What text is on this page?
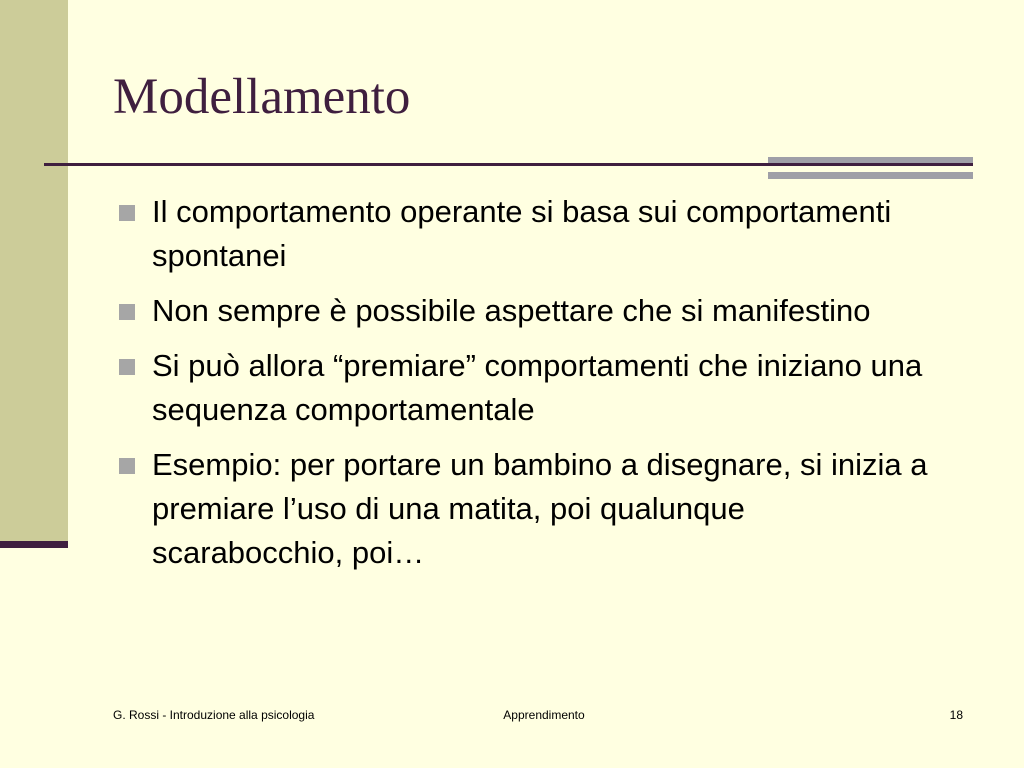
Modellamento
Il comportamento operante si basa sui comportamenti spontanei
Non sempre è possibile aspettare che si manifestino
Si può allora “premiare” comportamenti che iniziano una sequenza comportamentale
Esempio: per portare un bambino a disegnare, si inizia a premiare l’uso di una matita, poi qualunque scarabocchio, poi…
G. Rossi - Introduzione alla psicologia	Apprendimento	18
